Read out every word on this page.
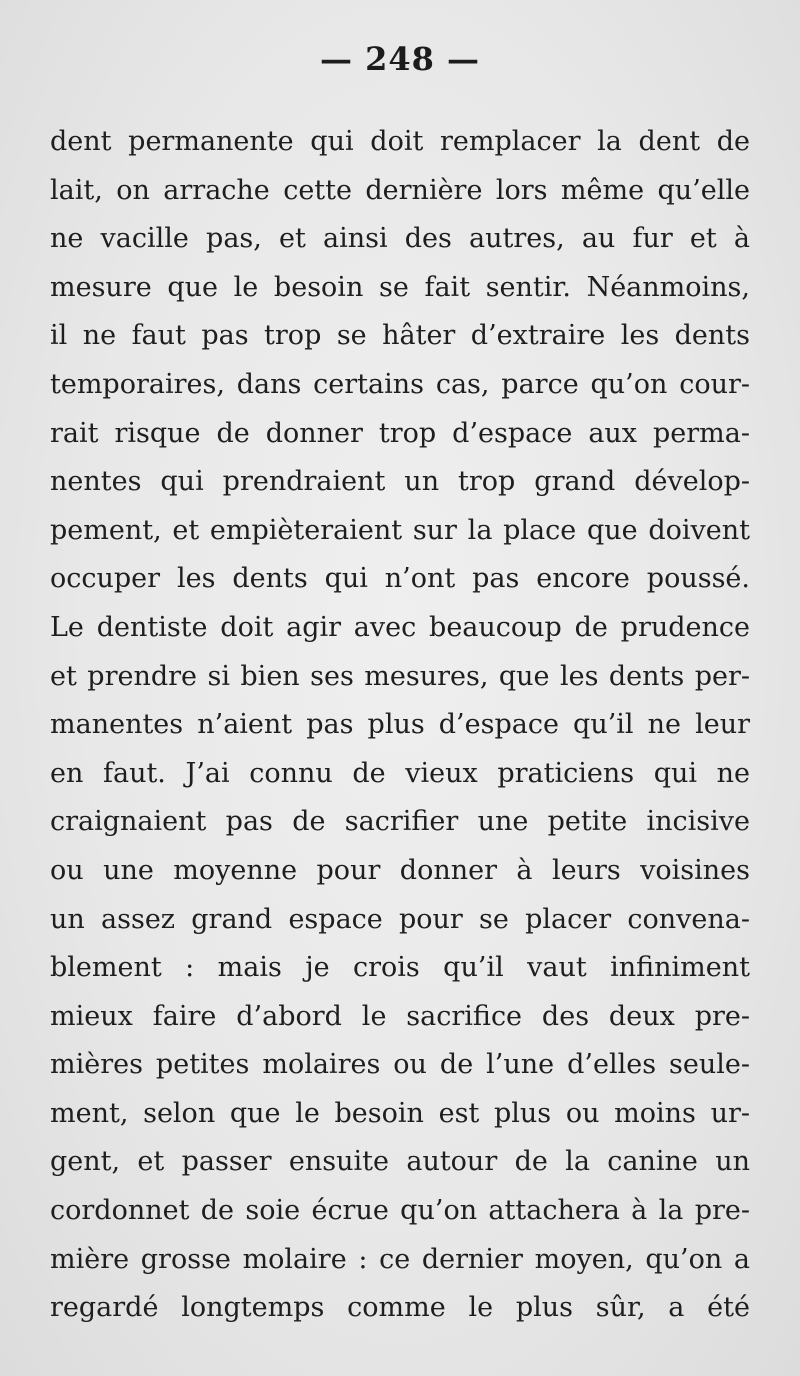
— 248 —
dent permanente qui doit remplacer la dent de
lait, on arrache cette dernière lors même qu’elle
ne vacille pas, et ainsi des autres, au fur et à
mesure que le besoin se fait sentir. Néanmoins,
il ne faut pas trop se hâter d’extraire les dents
temporaires, dans certains cas, parce qu’on cour-
rait risque de donner trop d’espace aux perma-
nentes qui prendraient un trop grand dévelop-
pement, et empièteraient sur la place que doivent
occuper les dents qui n’ont pas encore poussé.
Le dentiste doit agir avec beaucoup de prudence
et prendre si bien ses mesures, que les dents per-
manentes n’aient pas plus d’espace qu’il ne leur
en faut. J’ai connu de vieux praticiens qui ne
craignaient pas de sacrifier une petite incisive
ou une moyenne pour donner à leurs voisines
un assez grand espace pour se placer convena-
blement : mais je crois qu’il vaut infiniment
mieux faire d’abord le sacrifice des deux pre-
mières petites molaires ou de l’une d’elles seule-
ment, selon que le besoin est plus ou moins ur-
gent, et passer ensuite autour de la canine un
cordonnet de soie écrue qu’on attachera à la pre-
mière grosse molaire : ce dernier moyen, qu’on a
regardé longtemps comme le plus sûr, a été
